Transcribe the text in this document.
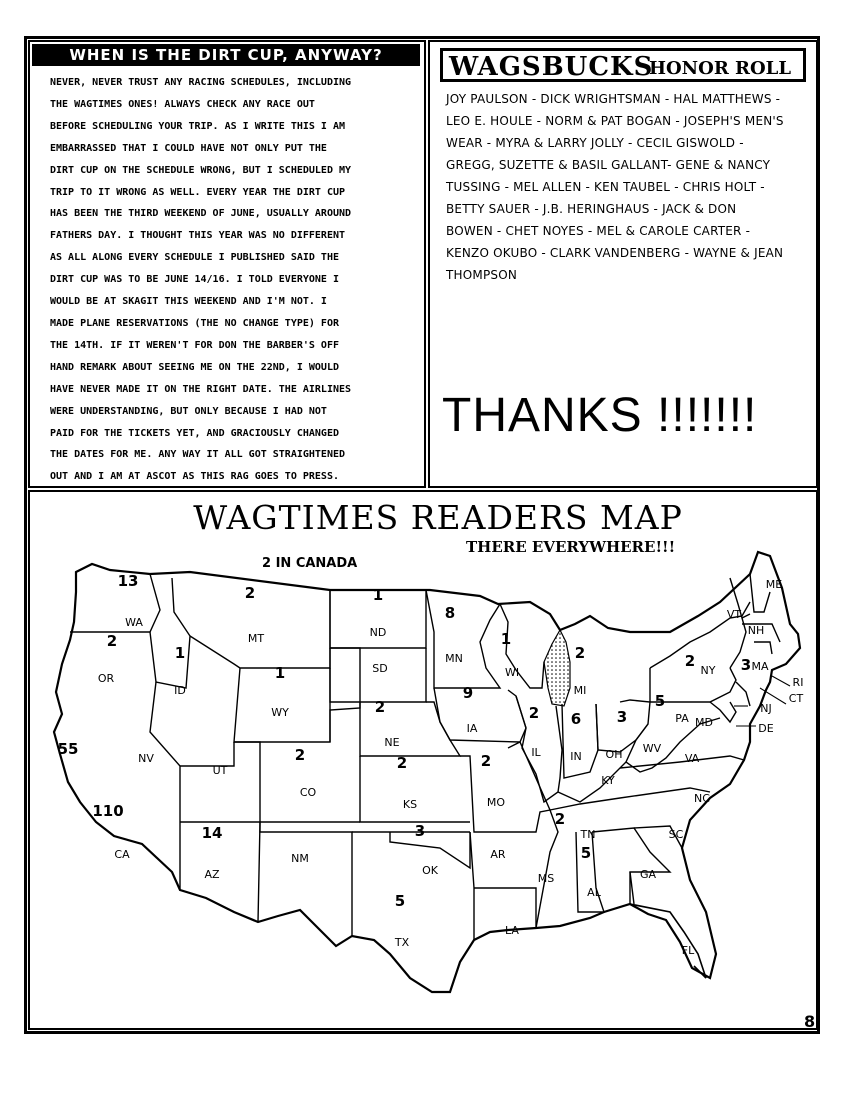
WHEN IS THE DIRT CUP, ANYWAY?
NEVER, NEVER TRUST ANY RACING SCHEDULES, INCLUDING
THE WAGTIMES ONES! ALWAYS CHECK ANY RACE OUT
BEFORE SCHEDULING YOUR TRIP. AS I WRITE THIS I AM
EMBARRASSED THAT I COULD HAVE NOT ONLY PUT THE
DIRT CUP ON THE SCHEDULE WRONG, BUT I SCHEDULED MY
TRIP TO IT WRONG AS WELL. EVERY YEAR THE DIRT CUP
HAS BEEN THE THIRD WEEKEND OF JUNE, USUALLY AROUND
FATHERS DAY. I THOUGHT THIS YEAR WAS NO DIFFERENT
AS ALL ALONG EVERY SCHEDULE I PUBLISHED SAID THE
DIRT CUP WAS TO BE JUNE 14/16. I TOLD EVERYONE I
WOULD BE AT SKAGIT THIS WEEKEND AND I'M NOT. I
MADE PLANE RESERVATIONS (THE NO CHANGE TYPE) FOR
THE 14TH. IF IT WEREN'T FOR DON THE BARBER'S OFF
HAND REMARK ABOUT SEEING ME ON THE 22ND, I WOULD
HAVE NEVER MADE IT ON THE RIGHT DATE. THE AIRLINES
WERE UNDERSTANDING, BUT ONLY BECAUSE I HAD NOT
PAID FOR THE TICKETS YET, AND GRACIOUSLY CHANGED
THE DATES FOR ME. ANY WAY IT ALL GOT STRAIGHTENED
OUT AND I AM AT ASCOT AS THIS RAG GOES TO PRESS.
WAGSBUCKS
HONOR ROLL
JOY PAULSON - DICK WRIGHTSMAN - HAL MATTHEWS -
LEO E. HOULE - NORM & PAT BOGAN - JOSEPH'S MEN'S
WEAR - MYRA & LARRY JOLLY - CECIL GISWOLD -
GREGG, SUZETTE & BASIL GALLANT- GENE & NANCY
TUSSING - MEL ALLEN - KEN TAUBEL - CHRIS HOLT -
BETTY SAUER - J.B. HERINGHAUS - JACK & DON
BOWEN - CHET NOYES - MEL & CAROLE CARTER -
KENZO OKUBO - CLARK VANDENBERG - WAYNE & JEAN
THOMPSON
THANKS !!!!!!!
WAGTIMES READERS MAP
THERE EVERYWHERE!!!
2 IN CANADA
13
WA
2
OR
1
ID
2
MT
1
WY
1
ND
SD
2
NE
8
MN
1
WI
2
MI
9
IA
2
IL
6
IN
3
OH
5
PA
2
NY
VT
NH
ME
3 MA
RI
CT
NJ
DE
MD
WV
VA
NC
SC
GA
FL
5
AL
MS
2
TN
KY
2
MO
2
KS
2
CO
UT
NV
110
CA
55
14
AZ
NM
5
TX
3
OK
AR
LA
8
